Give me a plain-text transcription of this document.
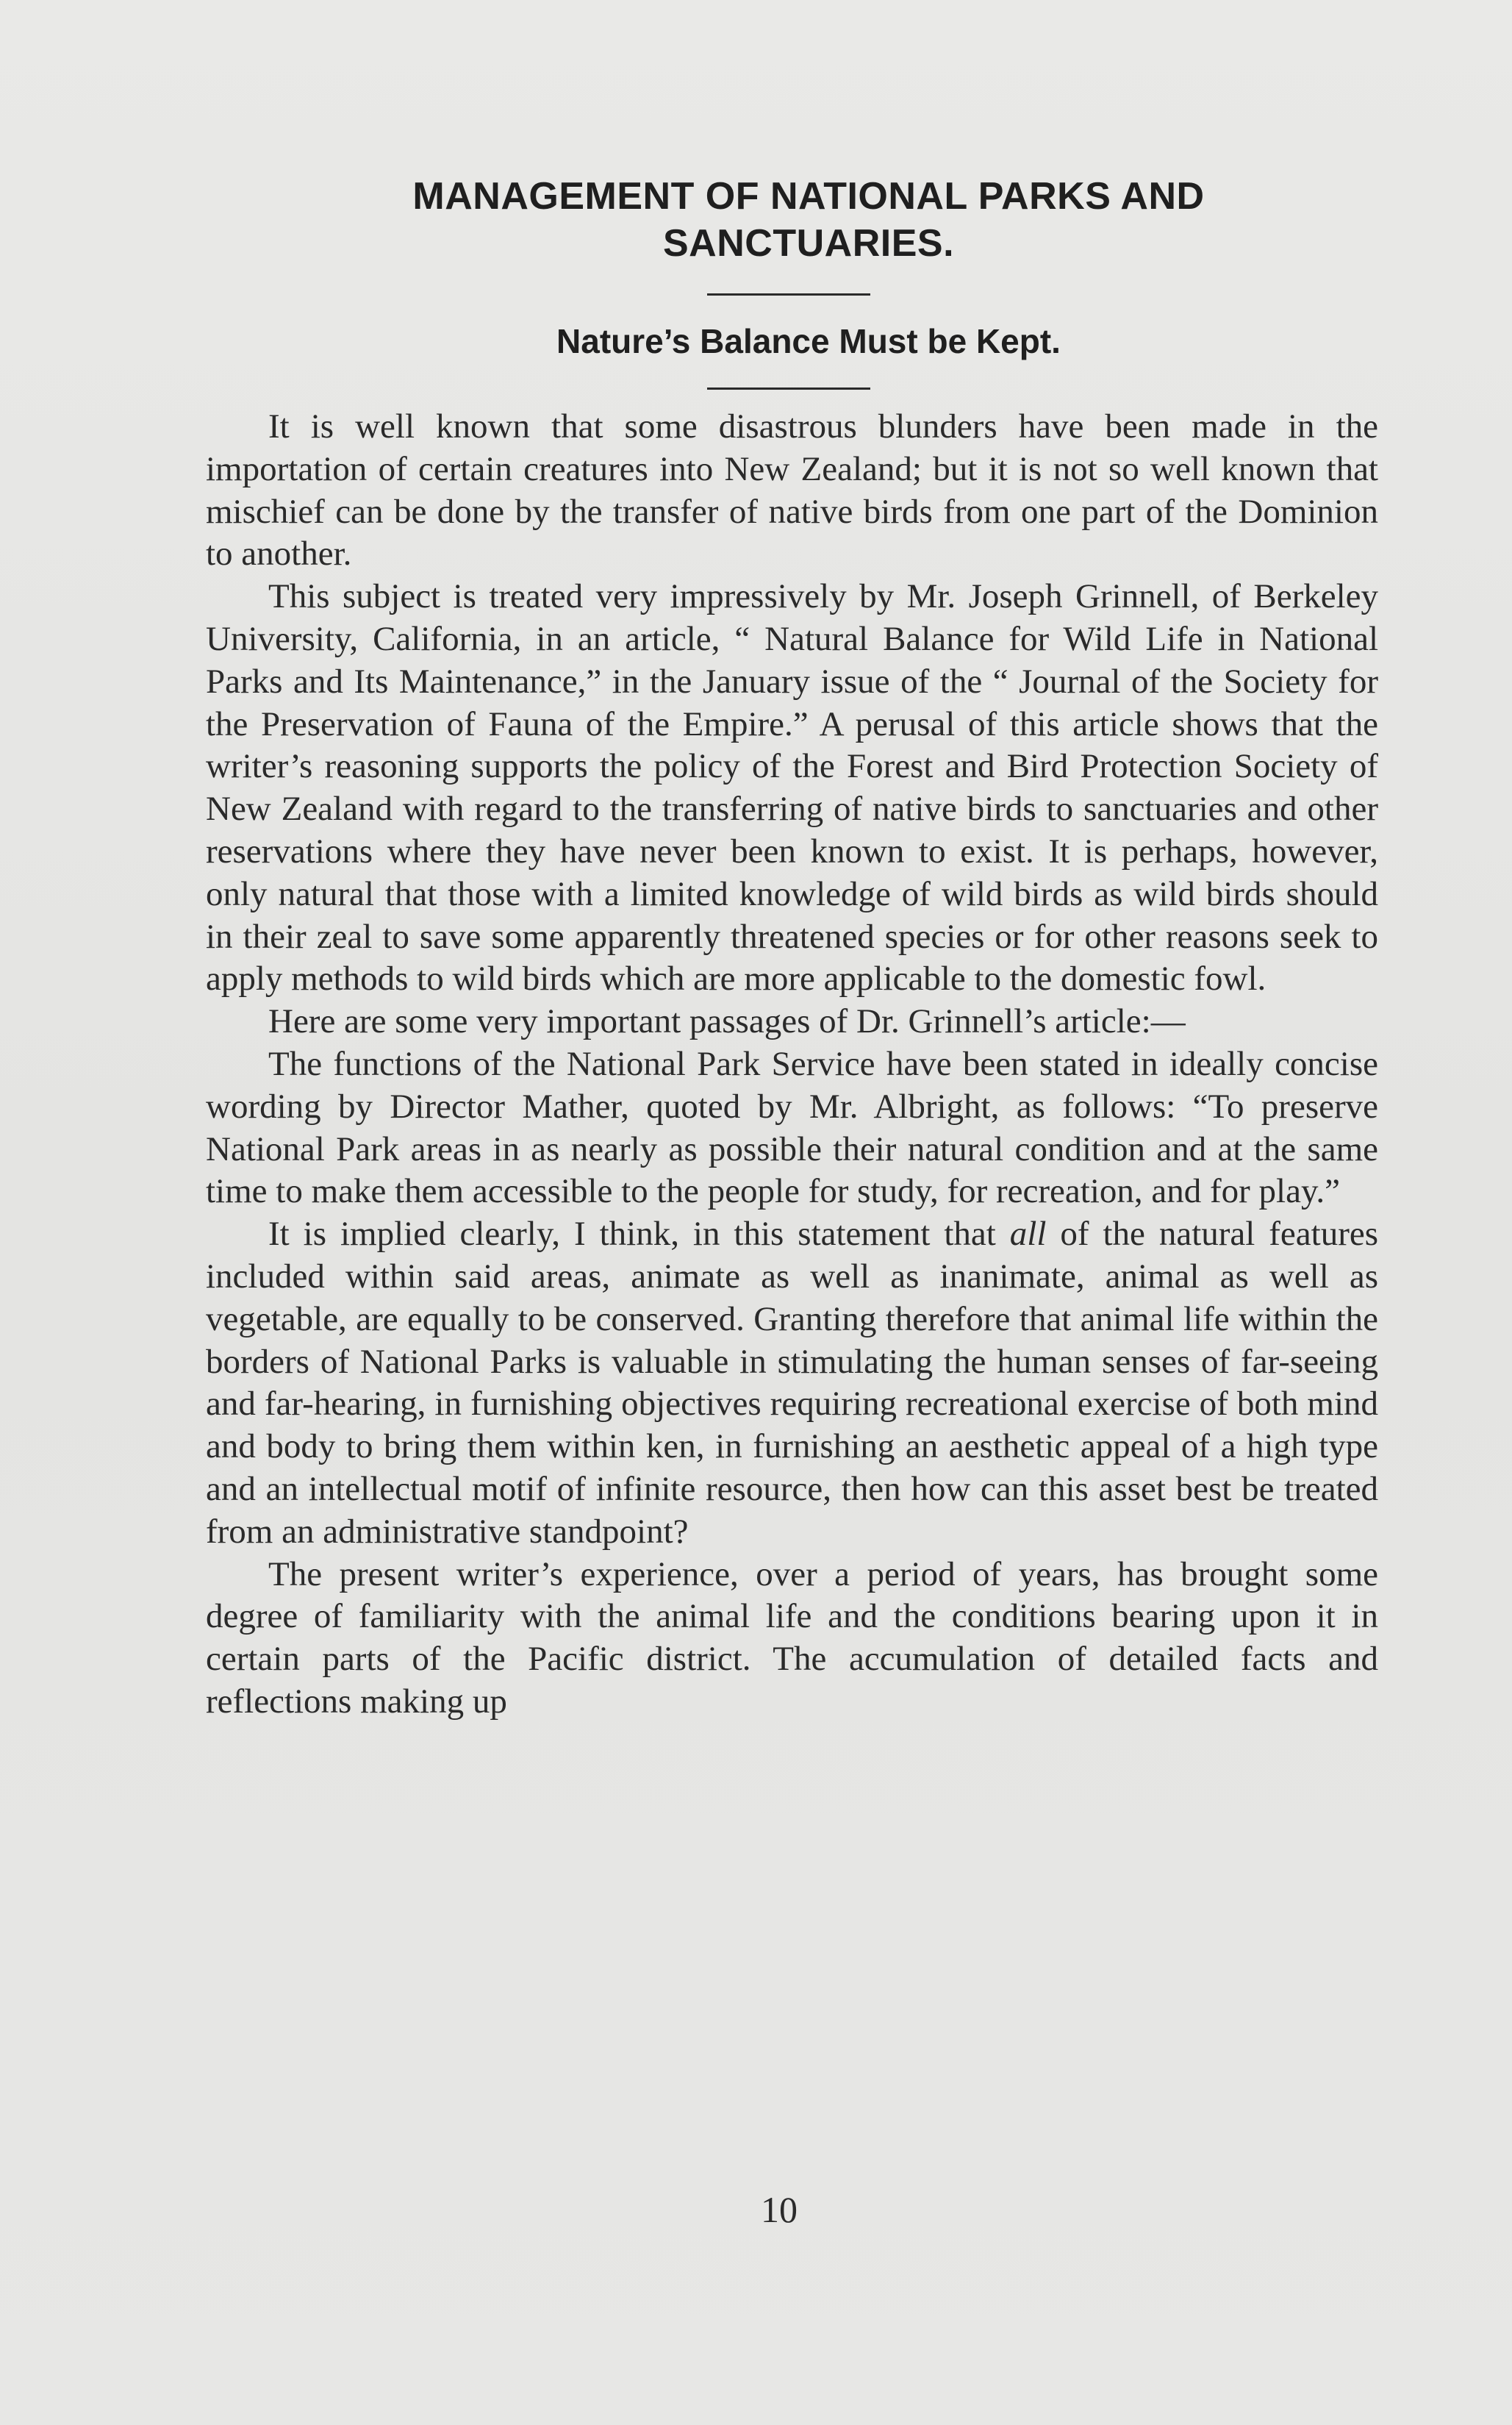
MANAGEMENT OF NATIONAL PARKS AND
SANCTUARIES.
Nature’s Balance Must be Kept.

It is well known that some disastrous blunders have been made in the importation of certain creatures into New Zealand; but it is not so well known that mischief can be done by the transfer of native birds from one part of the Dominion to another.

This subject is treated very impressively by Mr. Joseph Grinnell, of Berkeley University, California, in an article, “ Natural Balance for Wild Life in National Parks and Its Maintenance,” in the January issue of the “ Journal of the Society for the Preservation of Fauna of the Empire.” A perusal of this article shows that the writer’s reasoning supports the policy of the Forest and Bird Protection Society of New Zealand with regard to the transferring of native birds to sanctuaries and other reservations where they have never been known to exist. It is perhaps, however, only natural that those with a limited knowledge of wild birds as wild birds should in their zeal to save some apparently threatened species or for other reasons seek to apply methods to wild birds which are more applicable to the domestic fowl.

Here are some very important passages of Dr. Grinnell’s article:—

The functions of the National Park Service have been stated in ideally concise wording by Director Mather, quoted by Mr. Albright, as follows: “To preserve National Park areas in as nearly as possible their natural condition and at the same time to make them accessible to the people for study, for recreation, and for play.”

It is implied clearly, I think, in this statement that all of the natural features included within said areas, animate as well as inanimate, animal as well as vegetable, are equally to be conserved. Granting therefore that animal life within the borders of National Parks is valuable in stimulating the human senses of far-seeing and far-hearing, in furnishing objectives requiring recreational exercise of both mind and body to bring them within ken, in furnishing an aesthetic appeal of a high type and an intellectual motif of infinite resource, then how can this asset best be treated from an administrative standpoint?

The present writer’s experience, over a period of years, has brought some degree of familiarity with the animal life and the conditions bearing upon it in certain parts of the Pacific district. The accumulation of detailed facts and reflections making up

10
